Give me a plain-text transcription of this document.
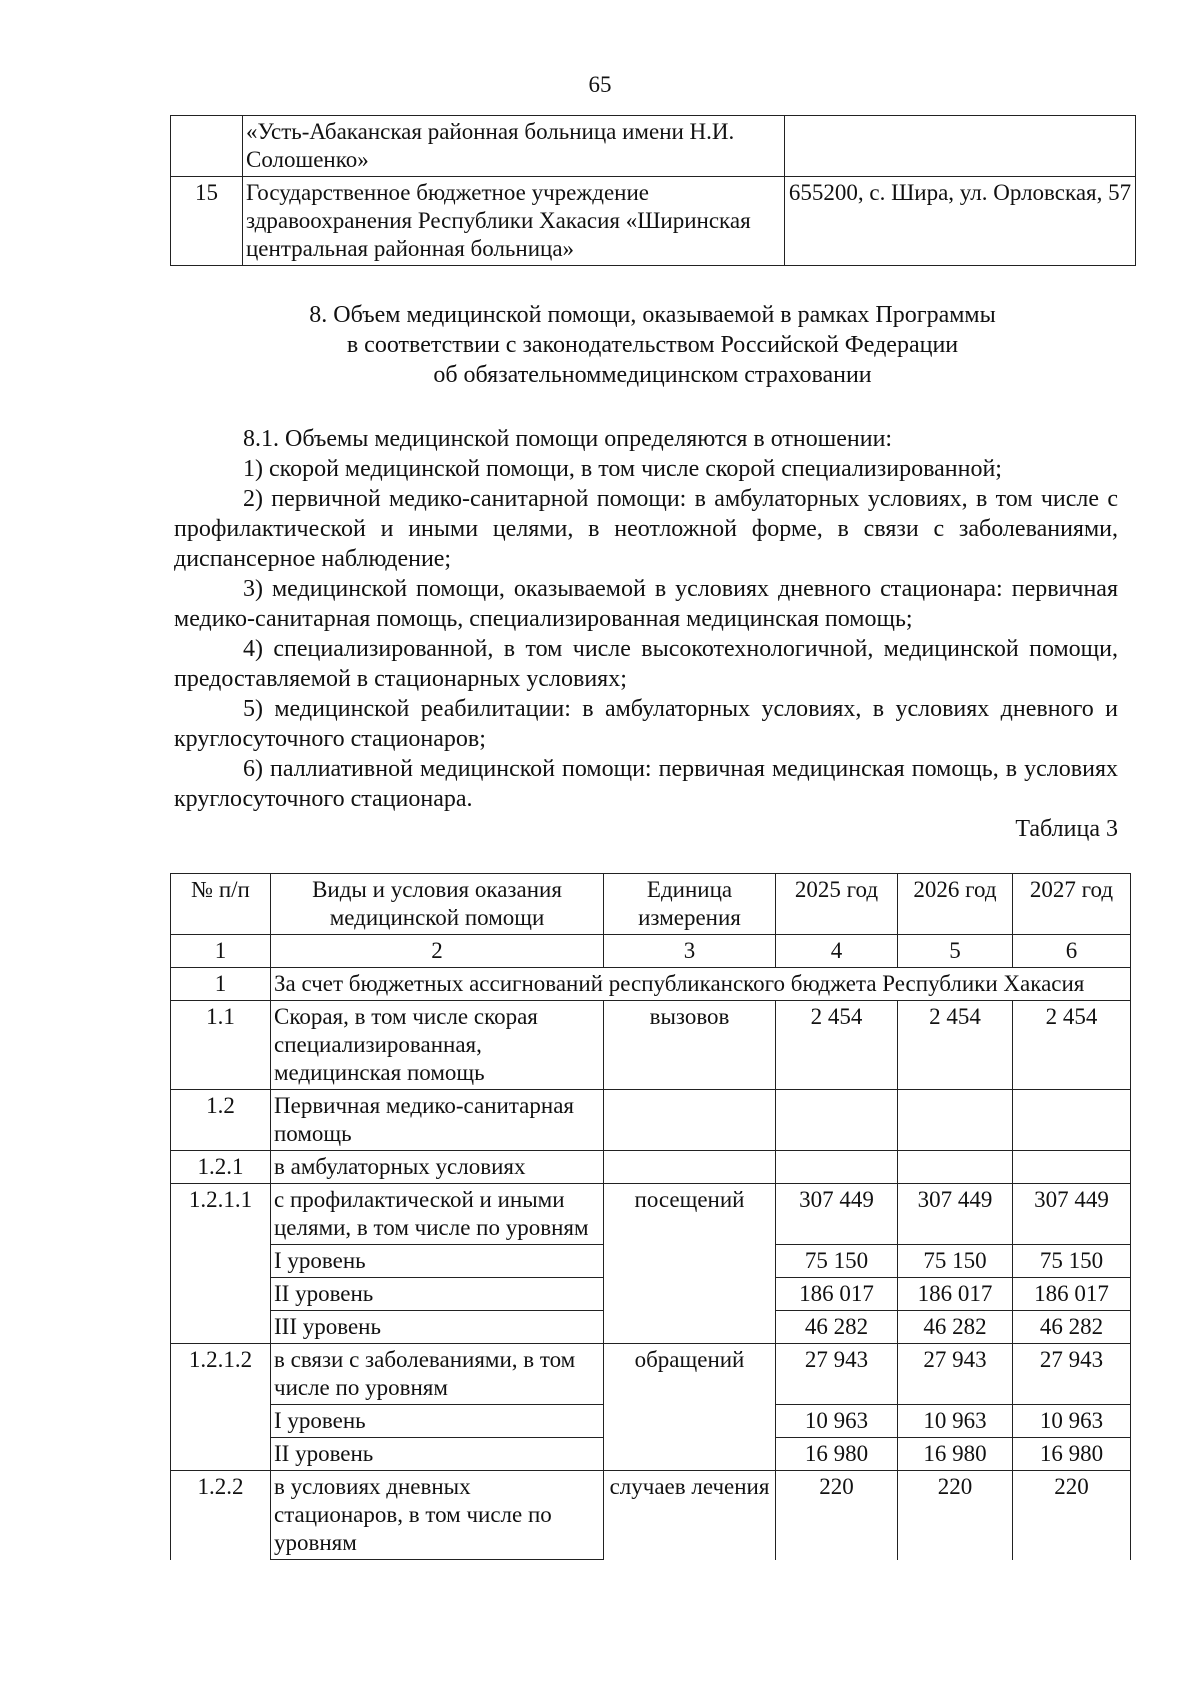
65
	«Усть-Абаканская районная больница имени Н.И. Солошенко»	
15	Государственное бюджетное учреждение здравоохранения Республики Хакасия «Ширинская центральная районная больница»	655200, с. Шира, ул. Орловская, 57
8. Объем медицинской помощи, оказываемой в рамках Программы
в соответствии с законодательством Российской Федерации
об обязательноммедицинском страховании

8.1. Объемы медицинской помощи определяются в отношении:

1) скорой медицинской помощи, в том числе скорой специализированной;

2) первичной медико-санитарной помощи: в амбулаторных условиях, в том числе с профилактической и иными целями, в неотложной форме, в связи с заболеваниями, диспансерное наблюдение;

3) медицинской помощи, оказываемой в условиях дневного стационара: первичная медико-санитарная помощь, специализированная медицинская помощь;

4) специализированной, в том числе высокотехнологичной, медицинской помощи, предоставляемой в стационарных условиях;

5) медицинской реабилитации: в амбулаторных условиях, в условиях дневного и круглосуточного стационаров;

6) паллиативной медицинской помощи: первичная медицинская помощь, в условиях круглосуточного стационара.

Таблица 3
№ п/п	Виды и условия оказания медицинской помощи	Единица измерения	2025 год	2026 год	2027 год
1	2	3	4	5	6
1	За счет бюджетных ассигнований республиканского бюджета Республики Хакасия				
1.1	Скорая, в том числе скорая специализированная, медицинская помощь	вызовов	2 454	2 454	2 454
1.2	Первичная медико-санитарная помощь				
1.2.1	в амбулаторных условиях				
1.2.1.1	с профилактической и иными целями, в том числе по уровням	посещений	307 449	307 449	307 449
	I уровень		75 150	75 150	75 150
	II уровень		186 017	186 017	186 017
	III уровень		46 282	46 282	46 282
1.2.1.2	в связи с заболеваниями, в том числе по уровням	обращений	27 943	27 943	27 943
	I уровень		10 963	10 963	10 963
	II уровень		16 980	16 980	16 980
1.2.2	в условиях дневных стационаров, в том числе по уровням	случаев лечения	220	220	220
